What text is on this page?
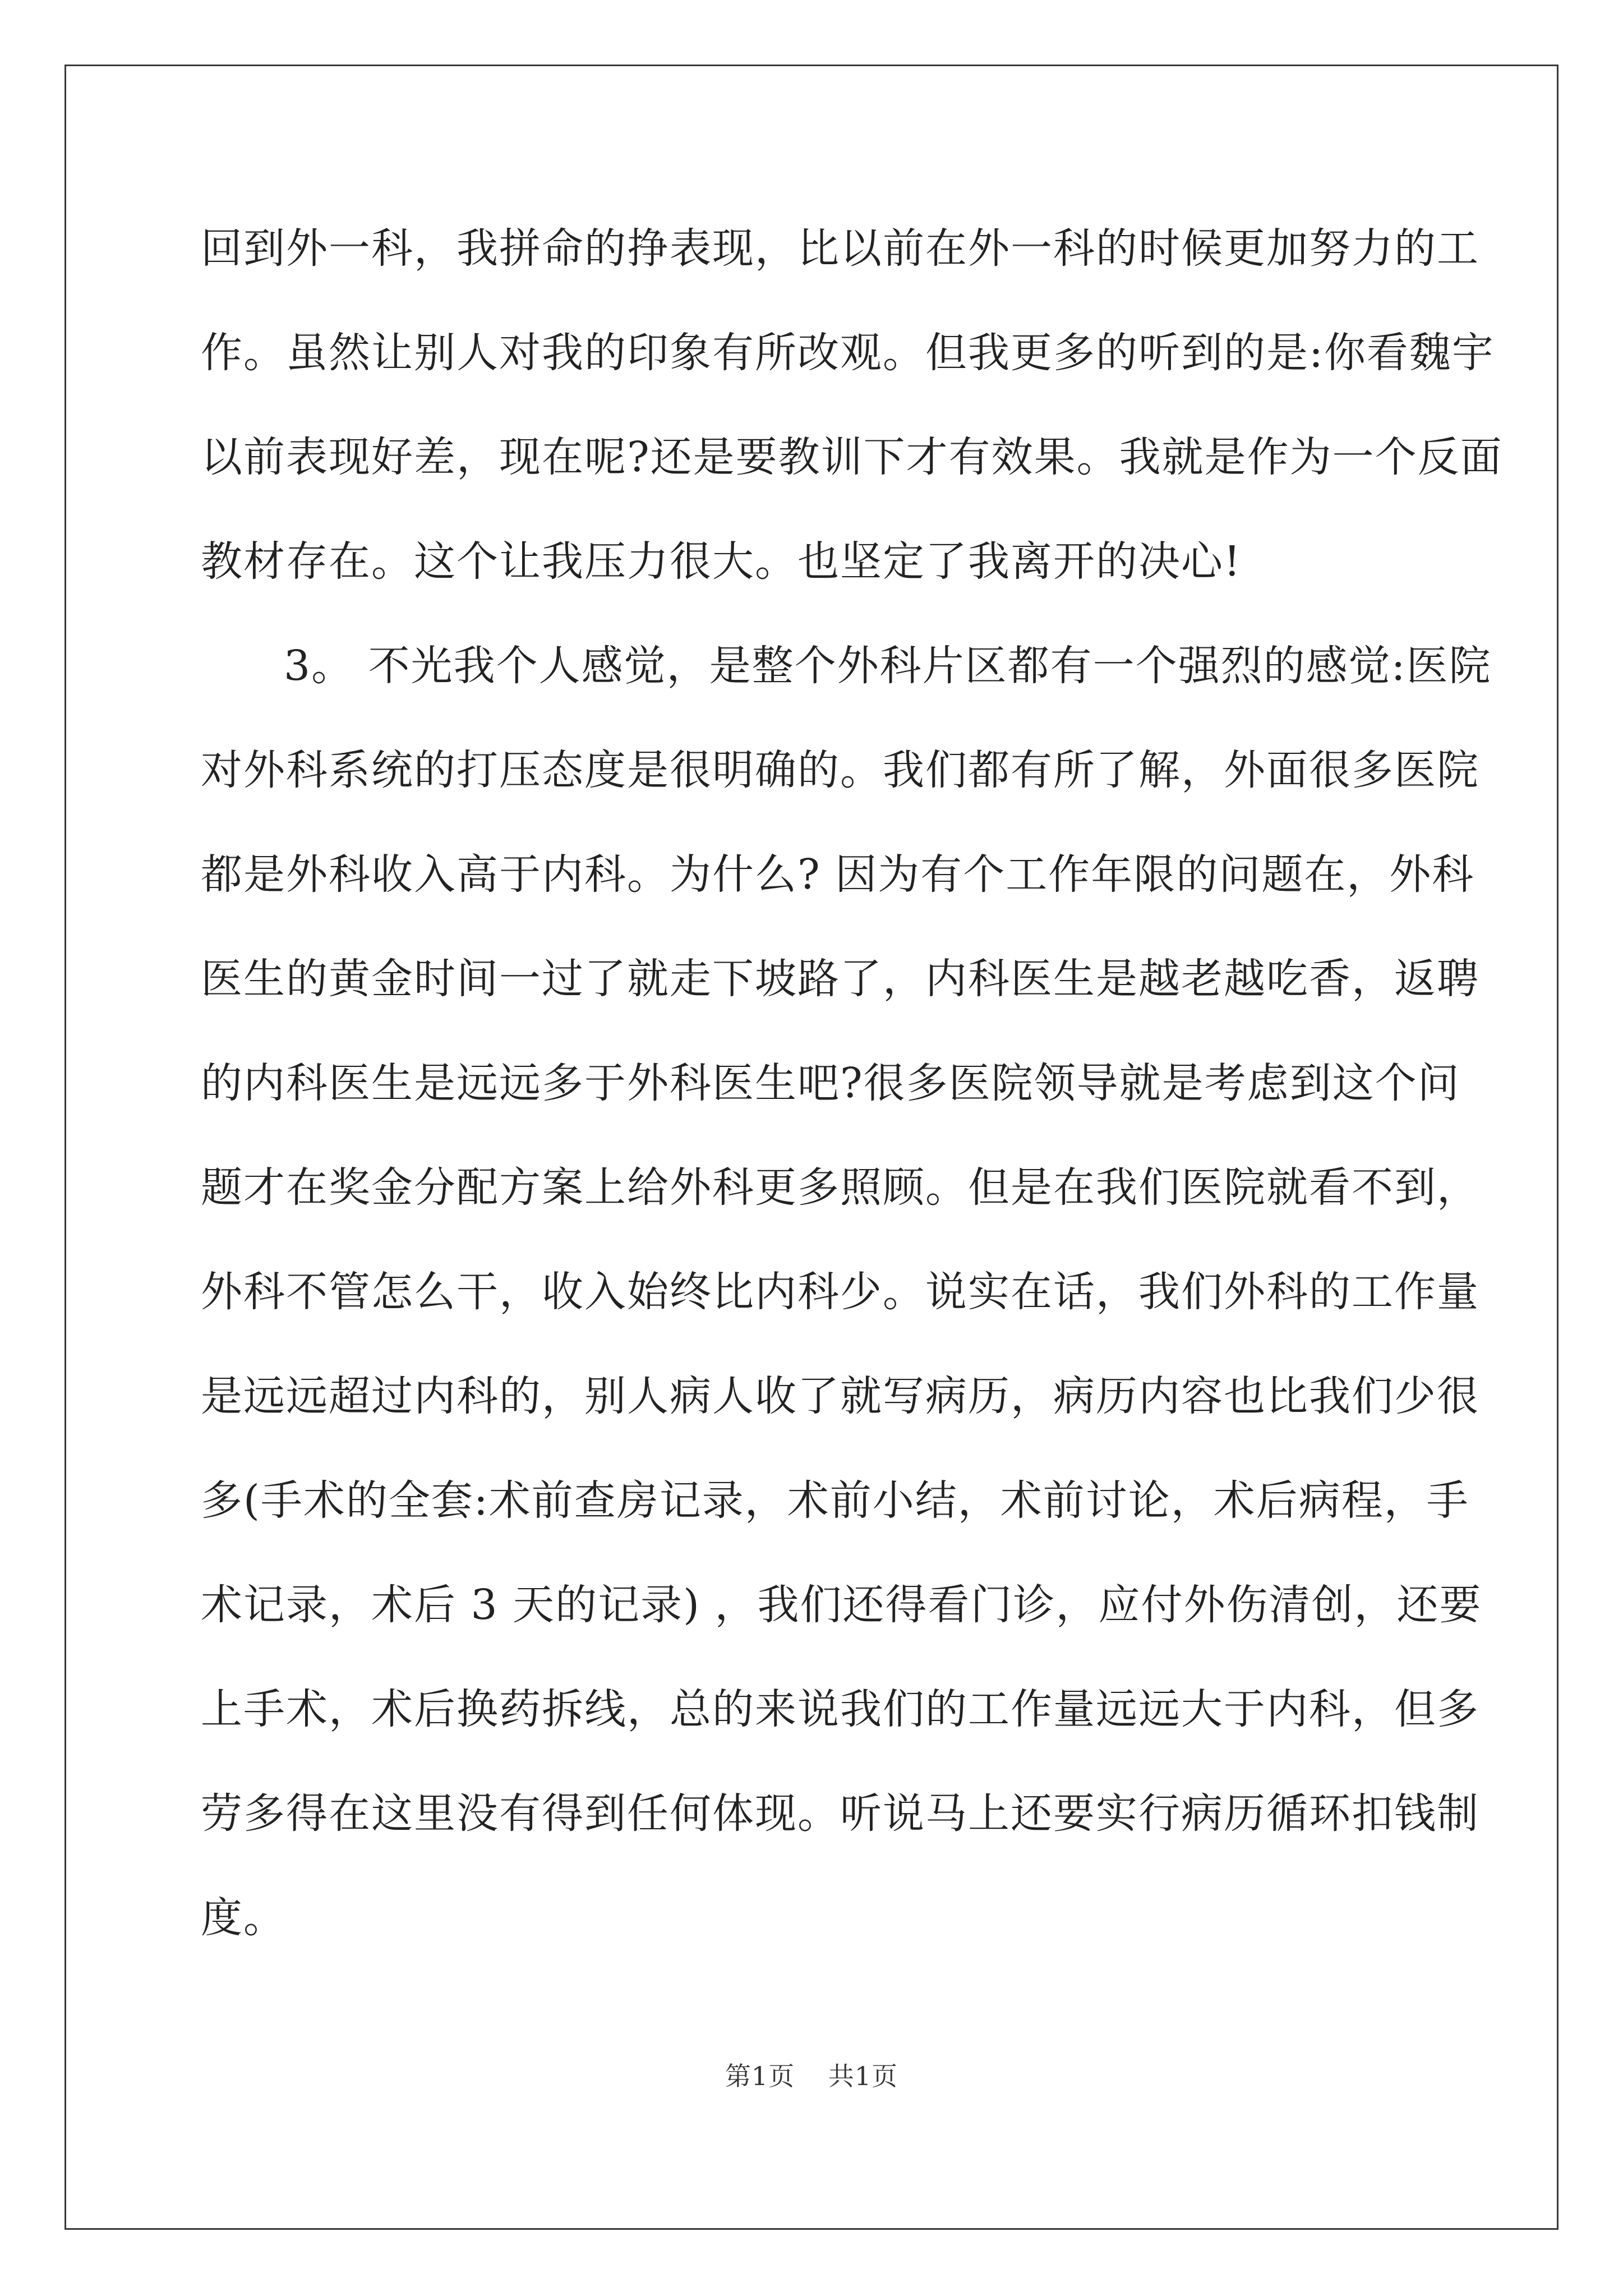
回到外一科，我拼命的挣表现，比以前在外一科的时候更加努力的工
作。虽然让别人对我的印象有所改观。但我更多的听到的是:你看魏宇
以前表现好差，现在呢?还是要教训下才有效果。我就是作为一个反面
教材存在。这个让我压力很大。也坚定了我离开的决心!

3。 不光我个人感觉，是整个外科片区都有一个强烈的感觉:医院
对外科系统的打压态度是很明确的。我们都有所了解，外面很多医院
都是外科收入高于内科。为什么? 因为有个工作年限的问题在，外科
医生的黄金时间一过了就走下坡路了，内科医生是越老越吃香，返聘
的内科医生是远远多于外科医生吧?很多医院领导就是考虑到这个问
题才在奖金分配方案上给外科更多照顾。但是在我们医院就看不到，
外科不管怎么干，收入始终比内科少。说实在话，我们外科的工作量
是远远超过内科的，别人病人收了就写病历，病历内容也比我们少很
多(手术的全套:术前查房记录，术前小结，术前讨论，术后病程，手
术记录，术后 3 天的记录) ，我们还得看门诊，应付外伤清创，还要
上手术，术后换药拆线，总的来说我们的工作量远远大于内科，但多
劳多得在这里没有得到任何体现。听说马上还要实行病历循环扣钱制
度。

第1页 共1页
